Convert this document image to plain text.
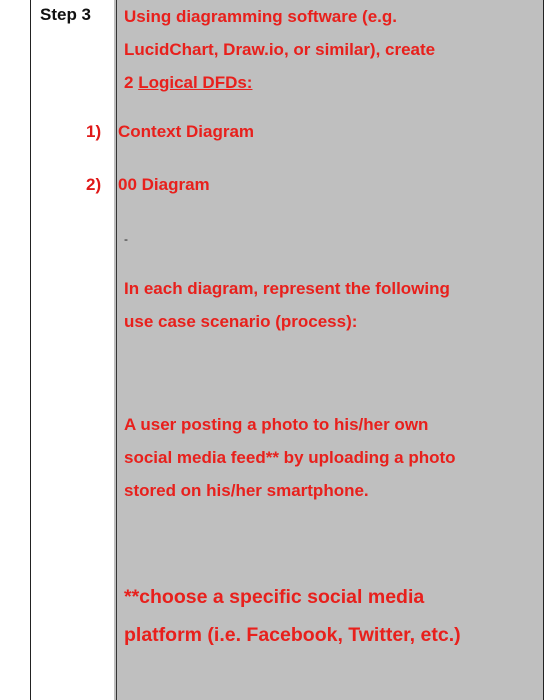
Step 3 Using diagramming software (e.g.
LucidChart, Draw.io, or similar), create
2 Logical DFDs:
1) Context Diagram
2) 00 Diagram
-
In each diagram, represent the following
use case scenario (process):
A user posting a photo to his/her own
social media feed** by uploading a photo
stored on his/her smartphone.
**choose a specific social media
platform (i.e. Facebook, Twitter, etc.)
